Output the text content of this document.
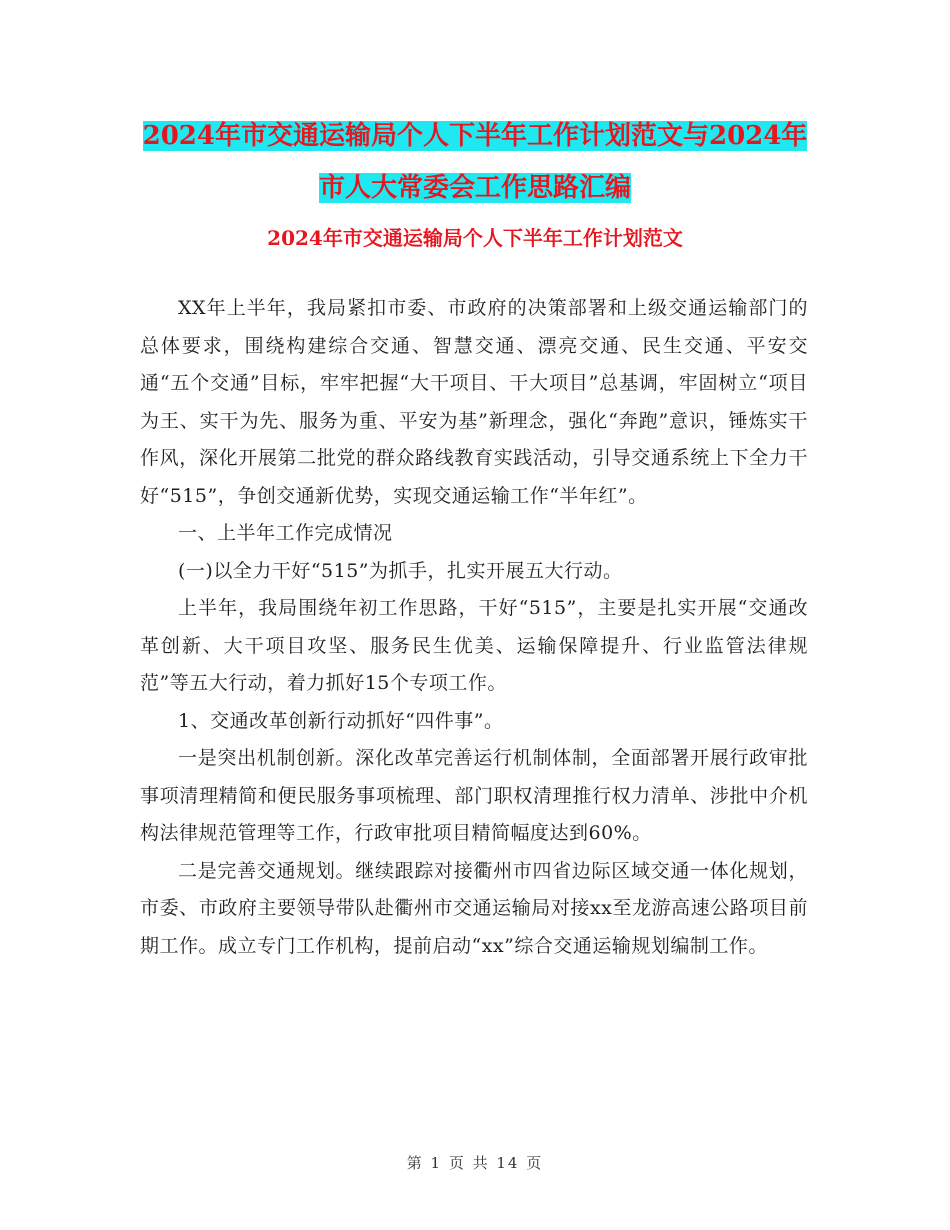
2024年市交通运输局个人下半年工作计划范文与2024年市人大常委会工作思路汇编
2024年市交通运输局个人下半年工作计划范文

XX年上半年，我局紧扣市委、市政府的决策部署和上级交通运输部门的总体要求，围绕构建综合交通、智慧交通、漂亮交通、民生交通、平安交通“五个交通”目标，牢牢把握“大干项目、干大项目”总基调，牢固树立“项目为王、实干为先、服务为重、平安为基”新理念，强化“奔跑”意识，锤炼实干作风，深化开展第二批党的群众路线教育实践活动，引导交通系统上下全力干好“515”，争创交通新优势，实现交通运输工作“半年红”。

一、上半年工作完成情况

(一)以全力干好“515”为抓手，扎实开展五大行动。

上半年，我局围绕年初工作思路，干好“515”，主要是扎实开展“交通改革创新、大干项目攻坚、服务民生优美、运输保障提升、行业监管法律规范”等五大行动，着力抓好15个专项工作。

1、交通改革创新行动抓好“四件事”。

一是突出机制创新。深化改革完善运行机制体制，全面部署开展行政审批事项清理精简和便民服务事项梳理、部门职权清理推行权力清单、涉批中介机构法律规范管理等工作，行政审批项目精简幅度达到60%。

二是完善交通规划。继续跟踪对接衢州市四省边际区域交通一体化规划，市委、市政府主要领导带队赴衢州市交通运输局对接xx至龙游高速公路项目前期工作。成立专门工作机构，提前启动“xx”综合交通运输规划编制工作。

第 1 页 共 14 页
